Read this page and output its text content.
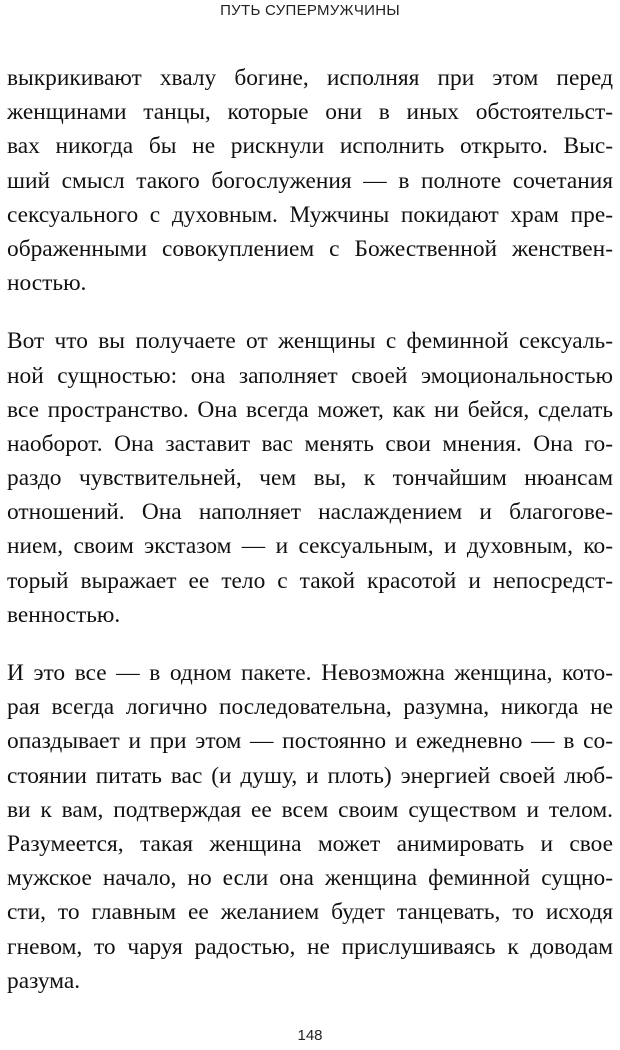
ПУТЬ СУПЕРМУЖЧИНЫ

выкрикивают хвалу богине, исполняя при этом перед
женщинами танцы, которые они в иных обстоятельст-
вах никогда бы не рискнули исполнить открыто. Выс-
ший смысл такого богослужения — в полноте сочетания
сексуального с духовным. Мужчины покидают храм пре-
ображенными совокуплением с Божественной женствен-
ностью.

Вот что вы получаете от женщины с феминной сексуаль-
ной сущностью: она заполняет своей эмоциональностью
все пространство. Она всегда может, как ни бейся, сделать
наоборот. Она заставит вас менять свои мнения. Она го-
раздо чувствительней, чем вы, к тончайшим нюансам
отношений. Она наполняет наслаждением и благогове-
нием, своим экстазом — и сексуальным, и духовным, ко-
торый выражает ее тело с такой красотой и непосредст-
венностью.

И это все — в одном пакете. Невозможна женщина, кото-
рая всегда логично последовательна, разумна, никогда не
опаздывает и при этом — постоянно и ежедневно — в со-
стоянии питать вас (и душу, и плоть) энергией своей люб-
ви к вам, подтверждая ее всем своим существом и телом.
Разумеется, такая женщина может анимировать и свое
мужское начало, но если она женщина феминной сущно-
сти, то главным ее желанием будет танцевать, то исходя
гневом, то чаруя радостью, не прислушиваясь к доводам
разума.

148
